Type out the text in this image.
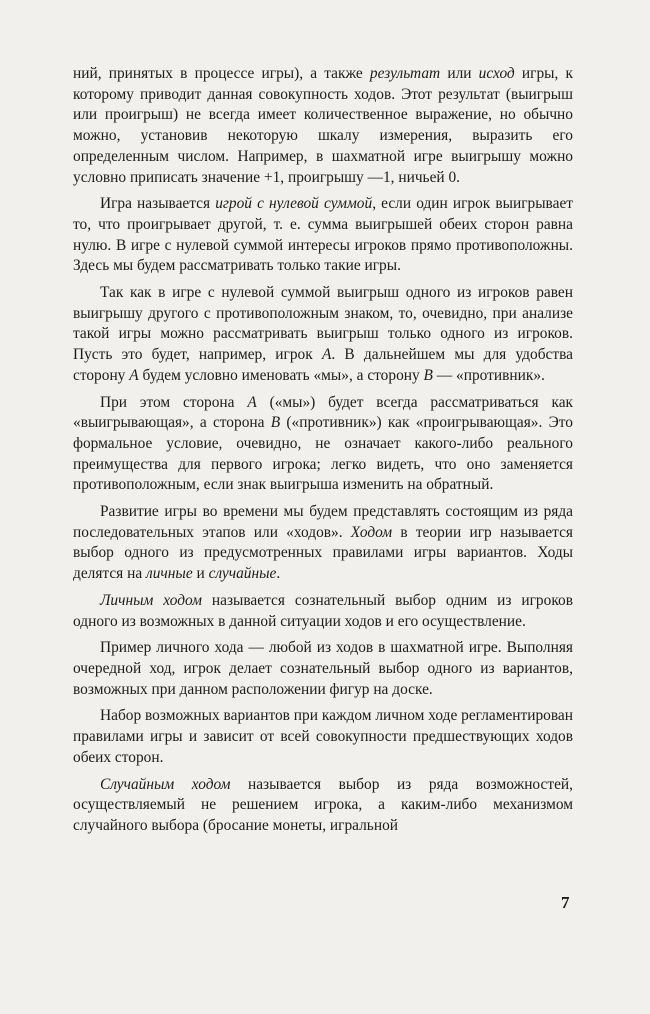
ний, принятых в процессе игры), а также результат или исход игры, к которому приводит данная совокупность ходов. Этот результат (выигрыш или проигрыш) не всегда имеет количественное выражение, но обычно можно, установив некоторую шкалу измерения, выразить его определенным числом. Например, в шахматной игре выигрышу можно условно приписать значение +1, проигрышу —1, ничьей 0.

Игра называется игрой с нулевой суммой, если один игрок выигрывает то, что проигрывает другой, т. е. сумма выигрышей обеих сторон равна нулю. В игре с нулевой суммой интересы игроков прямо противоположны. Здесь мы будем рассматривать только такие игры.

Так как в игре с нулевой суммой выигрыш одного из игроков равен выигрышу другого с противоположным знаком, то, очевидно, при анализе такой игры можно рассматривать выигрыш только одного из игроков. Пусть это будет, например, игрок A. В дальнейшем мы для удобства сторону A будем условно именовать «мы», а сторону B — «противник».

При этом сторона A («мы») будет всегда рассматриваться как «выигрывающая», а сторона B («противник») как «проигрывающая». Это формальное условие, очевидно, не означает какого-либо реального преимущества для первого игрока; легко видеть, что оно заменяется противоположным, если знак выигрыша изменить на обратный.

Развитие игры во времени мы будем представлять состоящим из ряда последовательных этапов или «ходов». Ходом в теории игр называется выбор одного из предусмотренных правилами игры вариантов. Ходы делятся на личные и случайные.

Личным ходом называется сознательный выбор одним из игроков одного из возможных в данной ситуации ходов и его осуществление.

Пример личного хода — любой из ходов в шахматной игре. Выполняя очередной ход, игрок делает сознательный выбор одного из вариантов, возможных при данном расположении фигур на доске.

Набор возможных вариантов при каждом личном ходе регламентирован правилами игры и зависит от всей совокупности предшествующих ходов обеих сторон.

Случайным ходом называется выбор из ряда возможностей, осуществляемый не решением игрока, а каким-либо механизмом случайного выбора (бросание монеты, игральной

7
